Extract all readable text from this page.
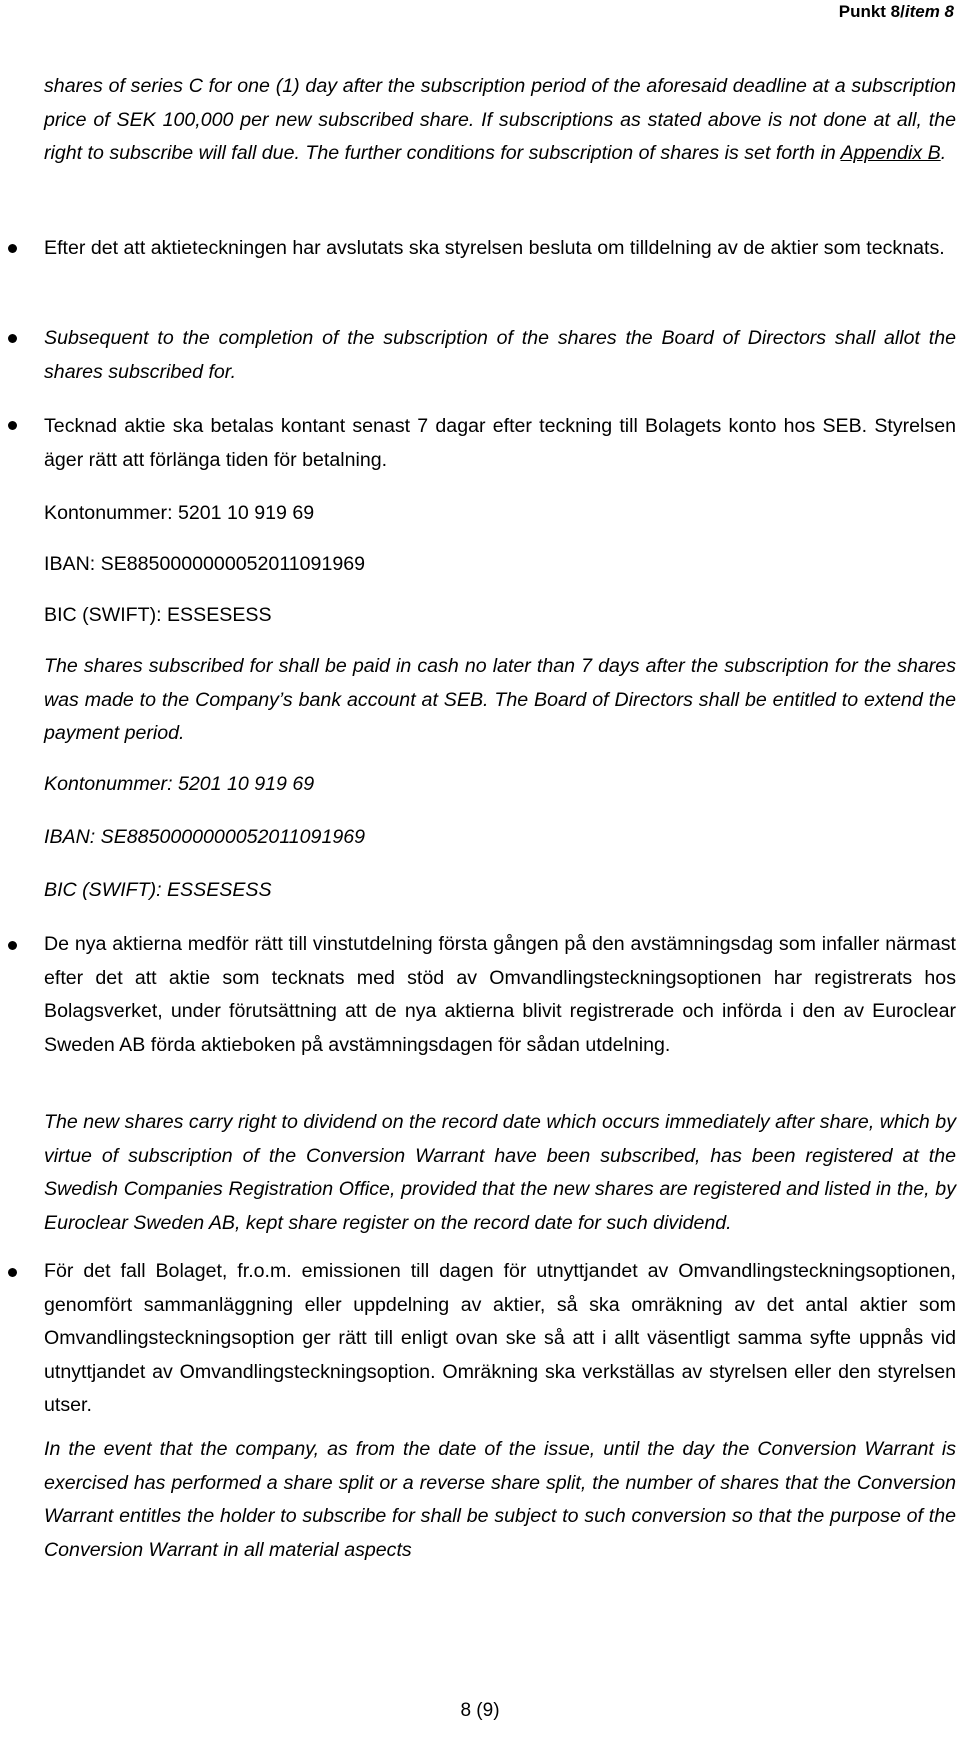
Punkt 8/item 8

shares of series C for one (1) day after the subscription period of the aforesaid deadline at a subscription price of SEK 100,000 per new subscribed share. If subscriptions as stated above is not done at all, the right to subscribe will fall due. The further conditions for subscription of shares is set forth in Appendix B.

Efter det att aktieteckningen har avslutats ska styrelsen besluta om tilldelning av de aktier som tecknats.

Subsequent to the completion of the subscription of the shares the Board of Directors shall allot the shares subscribed for.

Tecknad aktie ska betalas kontant senast 7 dagar efter teckning till Bolagets konto hos SEB. Styrelsen äger rätt att förlänga tiden för betalning.

Kontonummer: 5201 10 919 69

IBAN: SE8850000000052011091969

BIC (SWIFT): ESSESESS

The shares subscribed for shall be paid in cash no later than 7 days after the subscription for the shares was made to the Company’s bank account at SEB. The Board of Directors shall be entitled to extend the payment period.

Kontonummer: 5201 10 919 69

IBAN: SE8850000000052011091969

BIC (SWIFT): ESSESESS

De nya aktierna medför rätt till vinstutdelning första gången på den avstämningsdag som infaller närmast efter det att aktie som tecknats med stöd av Omvandlingsteckningsoptionen har registrerats hos Bolagsverket, under förutsättning att de nya aktierna blivit registrerade och införda i den av Euroclear Sweden AB förda aktieboken på avstämningsdagen för sådan utdelning.

The new shares carry right to dividend on the record date which occurs immediately after share, which by virtue of subscription of the Conversion Warrant have been subscribed, has been registered at the Swedish Companies Registration Office, provided that the new shares are registered and listed in the, by Euroclear Sweden AB, kept share register on the record date for such dividend.

För det fall Bolaget, fr.o.m. emissionen till dagen för utnyttjandet av Omvandlingsteckningsoptionen, genomfört sammanläggning eller uppdelning av aktier, så ska omräkning av det antal aktier som Omvandlingsteckningsoption ger rätt till enligt ovan ske så att i allt väsentligt samma syfte uppnås vid utnyttjandet av Omvandlingsteckningsoption. Omräkning ska verkställas av styrelsen eller den styrelsen utser.

In the event that the company, as from the date of the issue, until the day the Conversion Warrant is exercised has performed a share split or a reverse share split, the number of shares that the Conversion Warrant entitles the holder to subscribe for shall be subject to such conversion so that the purpose of the Conversion Warrant in all material aspects

8 (9)
